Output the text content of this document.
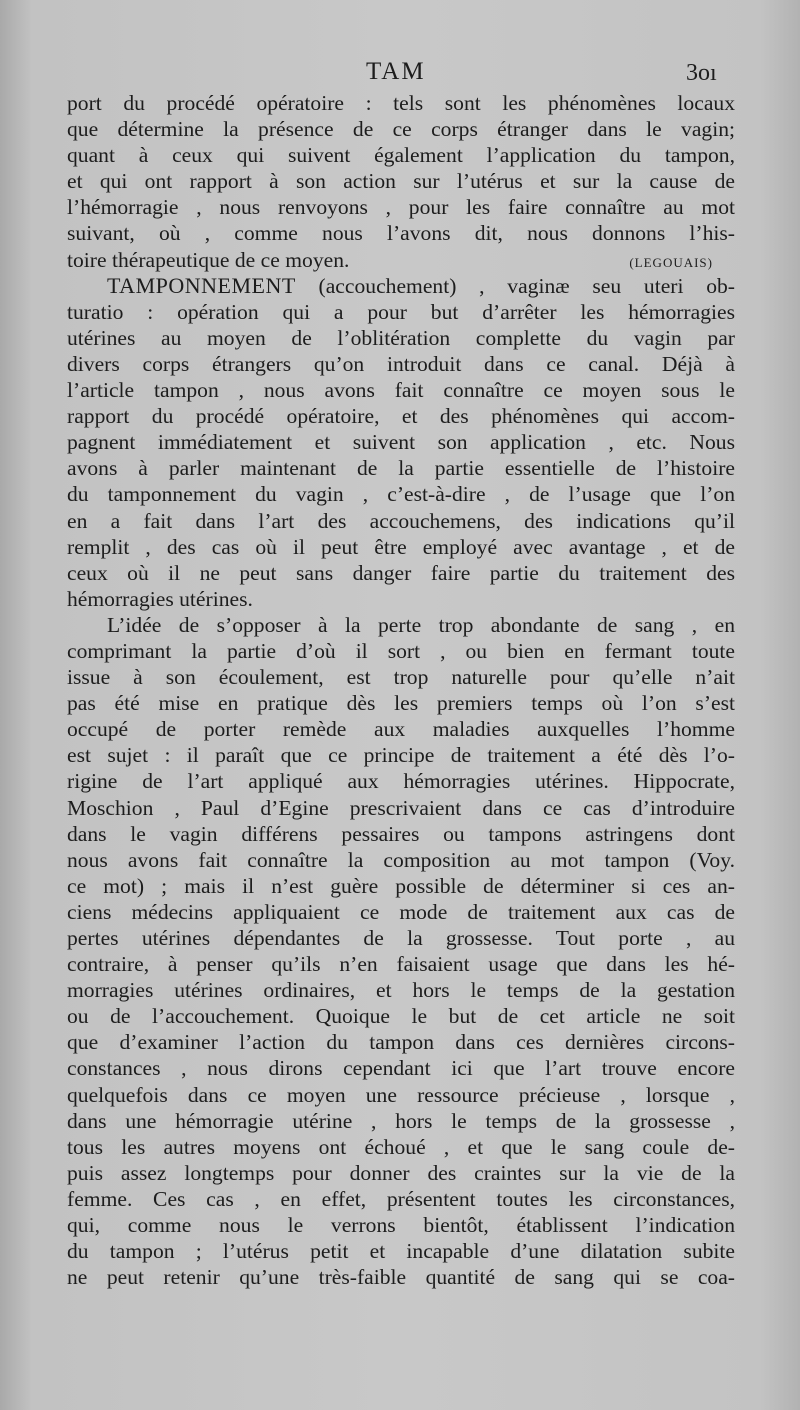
TAM	3oı
port du procédé opératoire : tels sont les phénomènes locaux
que détermine la présence de ce corps étranger dans le vagin;
quant à ceux qui suivent également l’application du tampon,
et qui ont rapport à son action sur l’utérus et sur la cause de
l’hémorragie , nous renvoyons , pour les faire connaître au mot
suivant, où , comme nous l’avons dit, nous donnons l’his-
toire thérapeutique de ce moyen.	(LEGOUAIS)
TAMPONNEMENT (accouchement) , vaginæ seu uteri ob-
turatio : opération qui a pour but d’arrêter les hémorragies
utérines au moyen de l’oblitération complette du vagin par
divers corps étrangers qu’on introduit dans ce canal. Déjà à
l’article tampon , nous avons fait connaître ce moyen sous le
rapport du procédé opératoire, et des phénomènes qui accom-
pagnent immédiatement et suivent son application , etc. Nous
avons à parler maintenant de la partie essentielle de l’histoire
du tamponnement du vagin , c’est-à-dire , de l’usage que l’on
en a fait dans l’art des accouchemens, des indications qu’il
remplit , des cas où il peut être employé avec avantage , et de
ceux où il ne peut sans danger faire partie du traitement des
hémorragies utérines.
L’idée de s’opposer à la perte trop abondante de sang , en
comprimant la partie d’où il sort , ou bien en fermant toute
issue à son écoulement, est trop naturelle pour qu’elle n’ait
pas été mise en pratique dès les premiers temps où l’on s’est
occupé de porter remède aux maladies auxquelles l’homme
est sujet : il paraît que ce principe de traitement a été dès l’o-
rigine de l’art appliqué aux hémorragies utérines. Hippocrate,
Moschion , Paul d’Egine prescrivaient dans ce cas d’introduire
dans le vagin différens pessaires ou tampons astringens dont
nous avons fait connaître la composition au mot tampon (Voy.
ce mot) ; mais il n’est guère possible de déterminer si ces an-
ciens médecins appliquaient ce mode de traitement aux cas de
pertes utérines dépendantes de la grossesse. Tout porte , au
contraire, à penser qu’ils n’en faisaient usage que dans les hé-
morragies utérines ordinaires, et hors le temps de la gestation
ou de l’accouchement. Quoique le but de cet article ne soit
que d’examiner l’action du tampon dans ces dernières circons-
constances , nous dirons cependant ici que l’art trouve encore
quelquefois dans ce moyen une ressource précieuse , lorsque ,
dans une hémorragie utérine , hors le temps de la grossesse ,
tous les autres moyens ont échoué , et que le sang coule de-
puis assez longtemps pour donner des craintes sur la vie de la
femme. Ces cas , en effet, présentent toutes les circonstances,
qui, comme nous le verrons bientôt, établissent l’indication
du tampon ; l’utérus petit et incapable d’une dilatation subite
ne peut retenir qu’une très-faible quantité de sang qui se coa-
